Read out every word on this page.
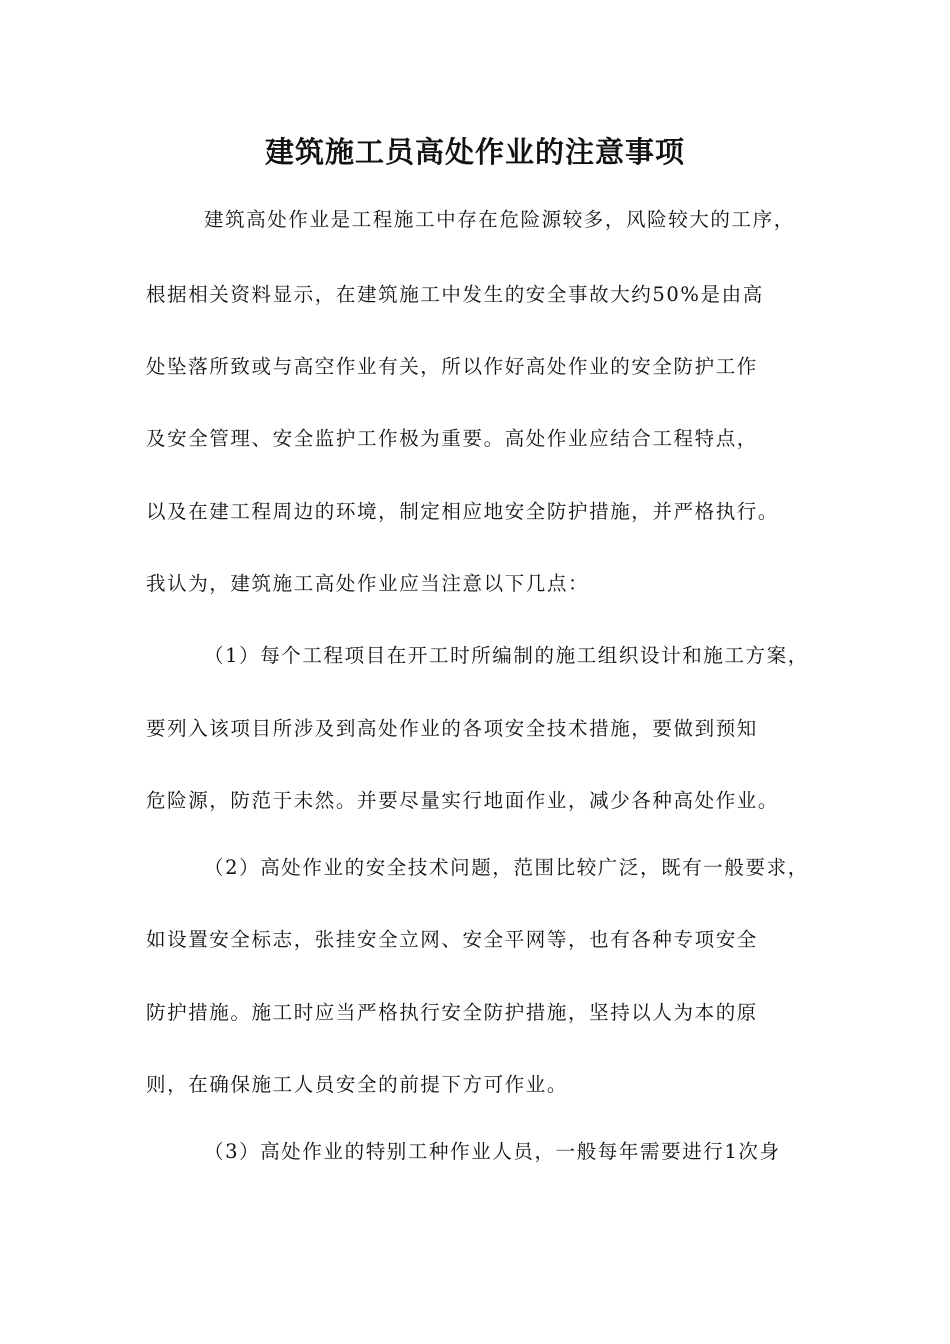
建筑施工员高处作业的注意事项
建筑高处作业是工程施工中存在危险源较多，风险较大的工序，
根据相关资料显示，在建筑施工中发生的安全事故大约50%是由高
处坠落所致或与高空作业有关，所以作好高处作业的安全防护工作
及安全管理、安全监护工作极为重要。高处作业应结合工程特点，
以及在建工程周边的环境，制定相应地安全防护措施，并严格执行。
我认为，建筑施工高处作业应当注意以下几点：
（1）每个工程项目在开工时所编制的施工组织设计和施工方案，
要列入该项目所涉及到高处作业的各项安全技术措施，要做到预知
危险源，防范于未然。并要尽量实行地面作业，减少各种高处作业。
（2）高处作业的安全技术问题，范围比较广泛，既有一般要求，
如设置安全标志，张挂安全立网、安全平网等，也有各种专项安全
防护措施。施工时应当严格执行安全防护措施，坚持以人为本的原
则，在确保施工人员安全的前提下方可作业。
（3）高处作业的特别工种作业人员，一般每年需要进行1次身
